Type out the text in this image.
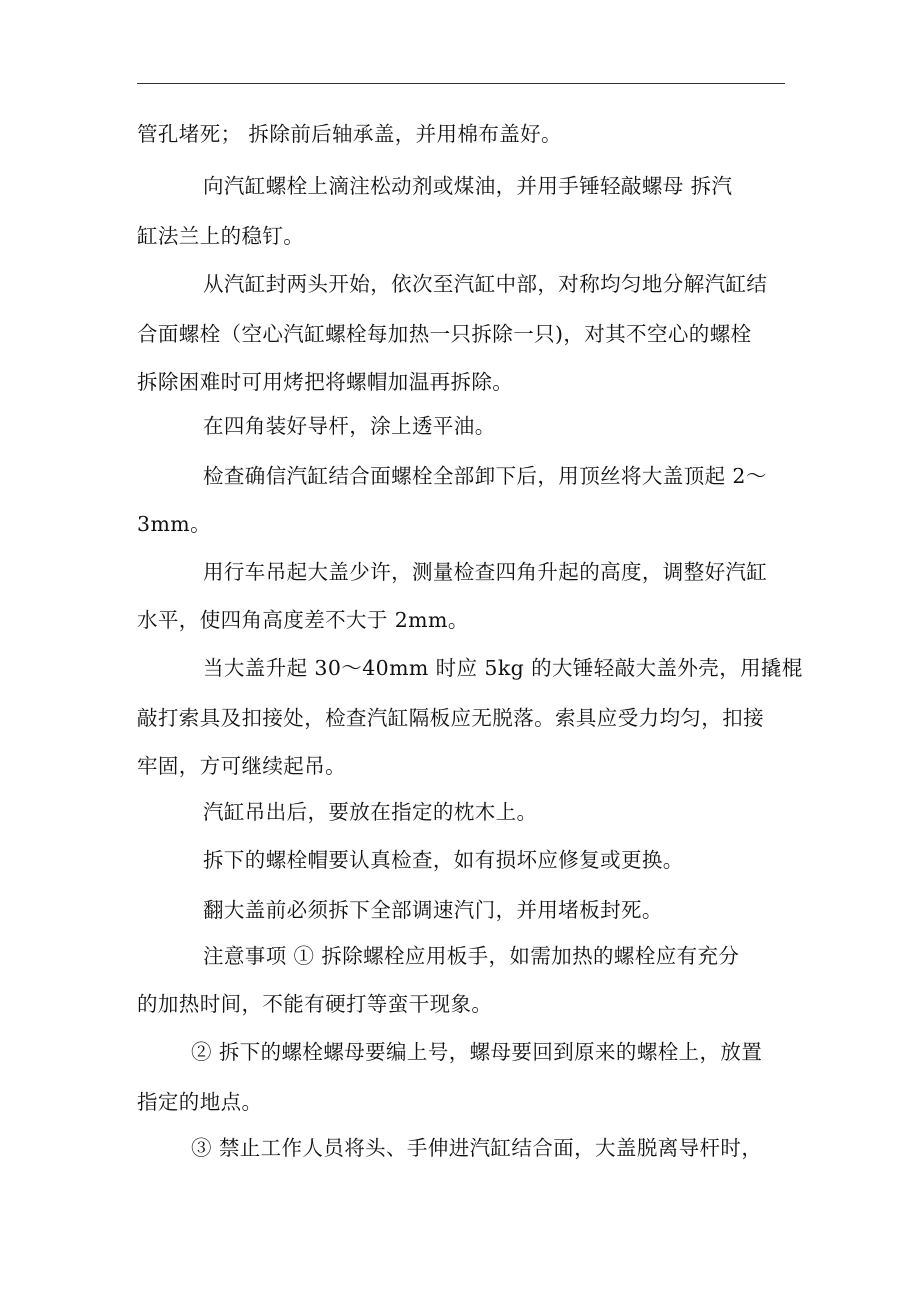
管孔堵死； 拆除前后轴承盖，并用棉布盖好。
向汽缸螺栓上滴注松动剂或煤油，并用手锤轻敲螺母 拆汽
缸法兰上的稳钉。
从汽缸封两头开始，依次至汽缸中部，对称均匀地分解汽缸结
合面螺栓（空心汽缸螺栓每加热一只拆除一只)，对其不空心的螺栓
拆除困难时可用烤把将螺帽加温再拆除。
在四角装好导杆，涂上透平油。
检查确信汽缸结合面螺栓全部卸下后，用顶丝将大盖顶起 2～
3mm。
用行车吊起大盖少许，测量检查四角升起的高度，调整好汽缸
水平，使四角高度差不大于 2mm。
当大盖升起 30～40mm 时应 5kg 的大锤轻敲大盖外壳，用撬棍
敲打索具及扣接处，检查汽缸隔板应无脱落。索具应受力均匀，扣接
牢固，方可继续起吊。
汽缸吊出后，要放在指定的枕木上。
拆下的螺栓帽要认真检查，如有损坏应修复或更换。
翻大盖前必须拆下全部调速汽门，并用堵板封死。
注意事项 ① 拆除螺栓应用板手，如需加热的螺栓应有充分
的加热时间，不能有硬打等蛮干现象。
② 拆下的螺栓螺母要编上号，螺母要回到原来的螺栓上，放置
指定的地点。
③ 禁止工作人员将头、手伸进汽缸结合面，大盖脱离导杆时，
